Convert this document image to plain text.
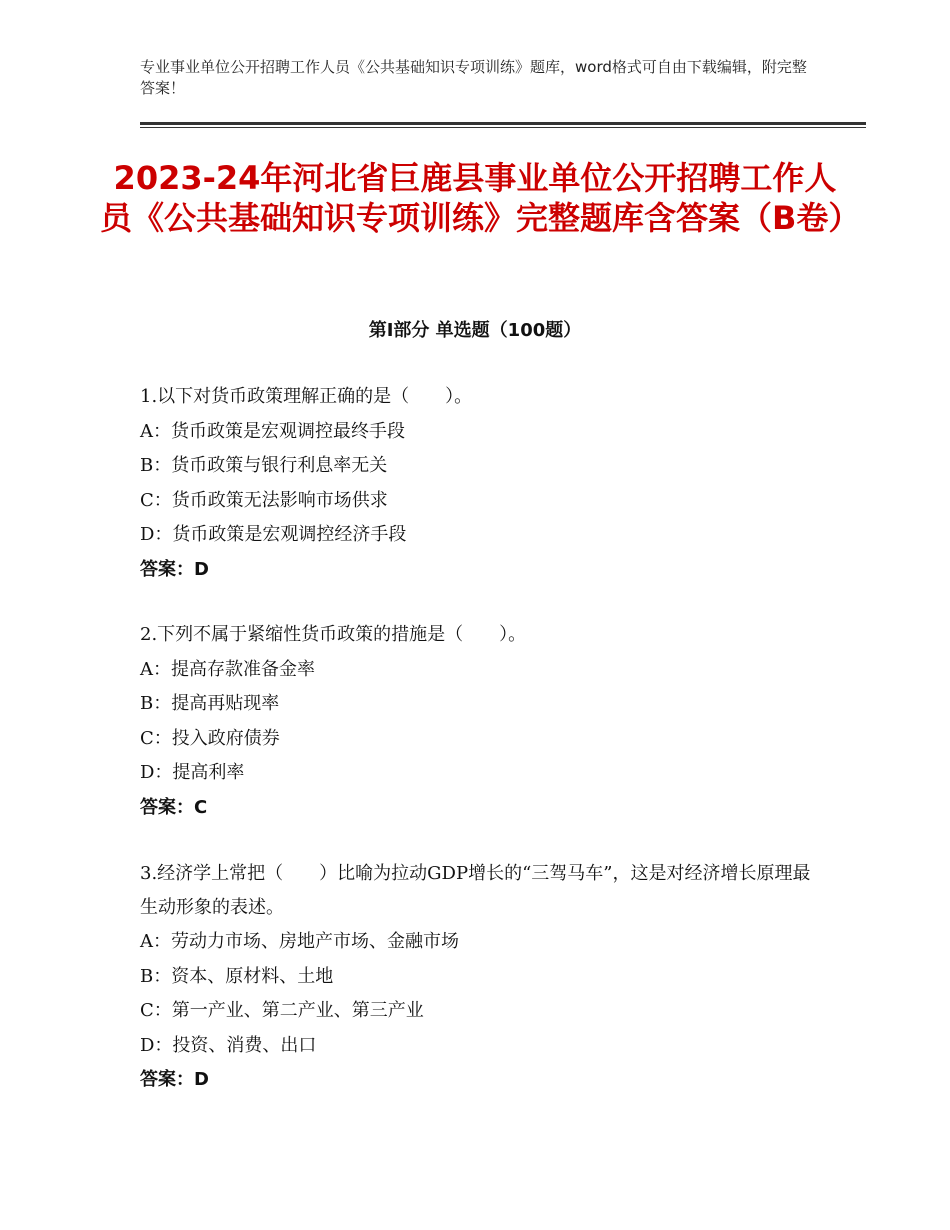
专业事业单位公开招聘工作人员《公共基础知识专项训练》题库，word格式可自由下载编辑，附完整答案！
2023-24年河北省巨鹿县事业单位公开招聘工作人员《公共基础知识专项训练》完整题库含答案（B卷）
第Ⅰ部分 单选题（100题）
1.以下对货币政策理解正确的是（　　）。
A：货币政策是宏观调控最终手段
B：货币政策与银行利息率无关
C：货币政策无法影响市场供求
D：货币政策是宏观调控经济手段
答案：D
2.下列不属于紧缩性货币政策的措施是（　　）。
A：提高存款准备金率
B：提高再贴现率
C：投入政府债券
D：提高利率
答案：C
3.经济学上常把（　　）比喻为拉动GDP增长的“三驾马车”，这是对经济增长原理最生动形象的表述。
A：劳动力市场、房地产市场、金融市场
B：资本、原材料、土地
C：第一产业、第二产业、第三产业
D：投资、消费、出口
答案：D
